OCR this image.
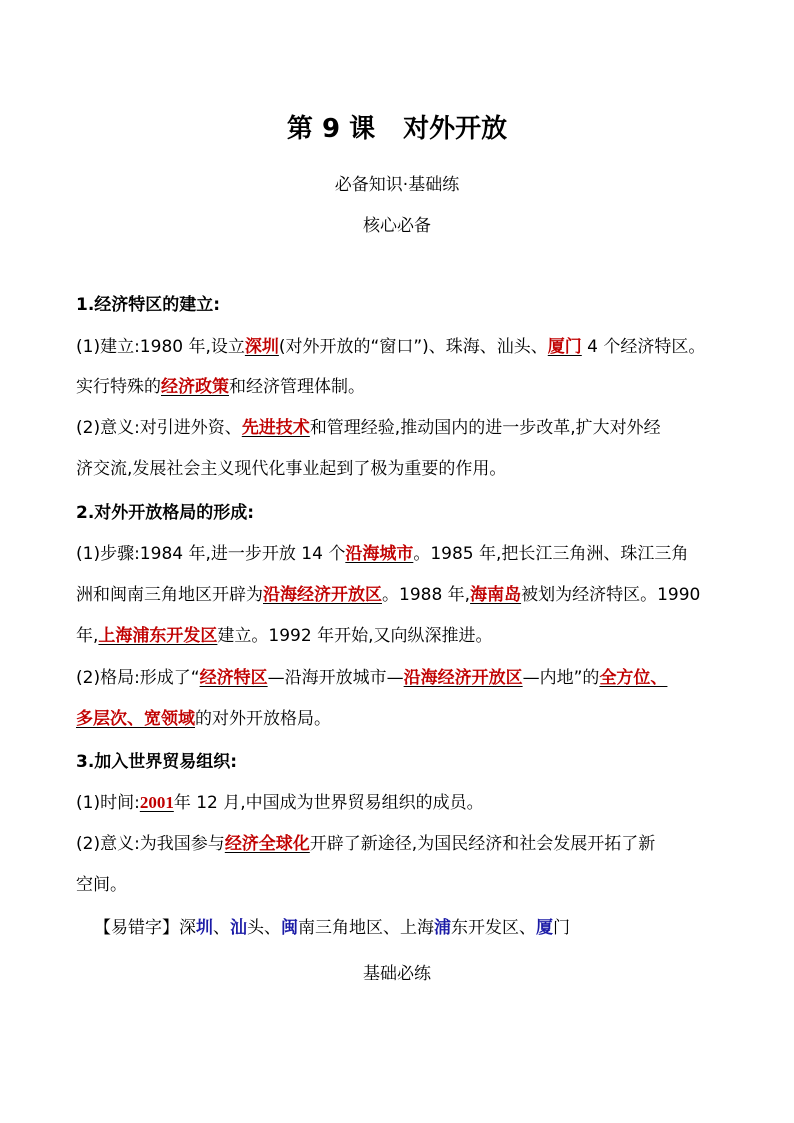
第 9 课 对外开放
必备知识·基础练
核心必备
1.经济特区的建立:
(1)建立:1980 年,设立深圳(对外开放的“窗口”)、珠海、汕头、厦门 4 个经济特区。
实行特殊的经济政策和经济管理体制。
(2)意义:对引进外资、先进技术和管理经验,推动国内的进一步改革,扩大对外经
济交流,发展社会主义现代化事业起到了极为重要的作用。
2.对外开放格局的形成:
(1)步骤:1984 年,进一步开放 14 个沿海城市。1985 年,把长江三角洲、珠江三角
洲和闽南三角地区开辟为沿海经济开放区。1988 年,海南岛被划为经济特区。1990
年,上海浦东开发区建立。1992 年开始,又向纵深推进。
(2)格局:形成了“经济特区—沿海开放城市—沿海经济开放区—内地”的全方位、
多层次、宽领域的对外开放格局。
3.加入世界贸易组织:
(1)时间:2001年 12 月,中国成为世界贸易组织的成员。
(2)意义:为我国参与经济全球化开辟了新途径,为国民经济和社会发展开拓了新
空间。
【易错字】深圳、汕头、闽南三角地区、上海浦东开发区、厦门
基础必练
